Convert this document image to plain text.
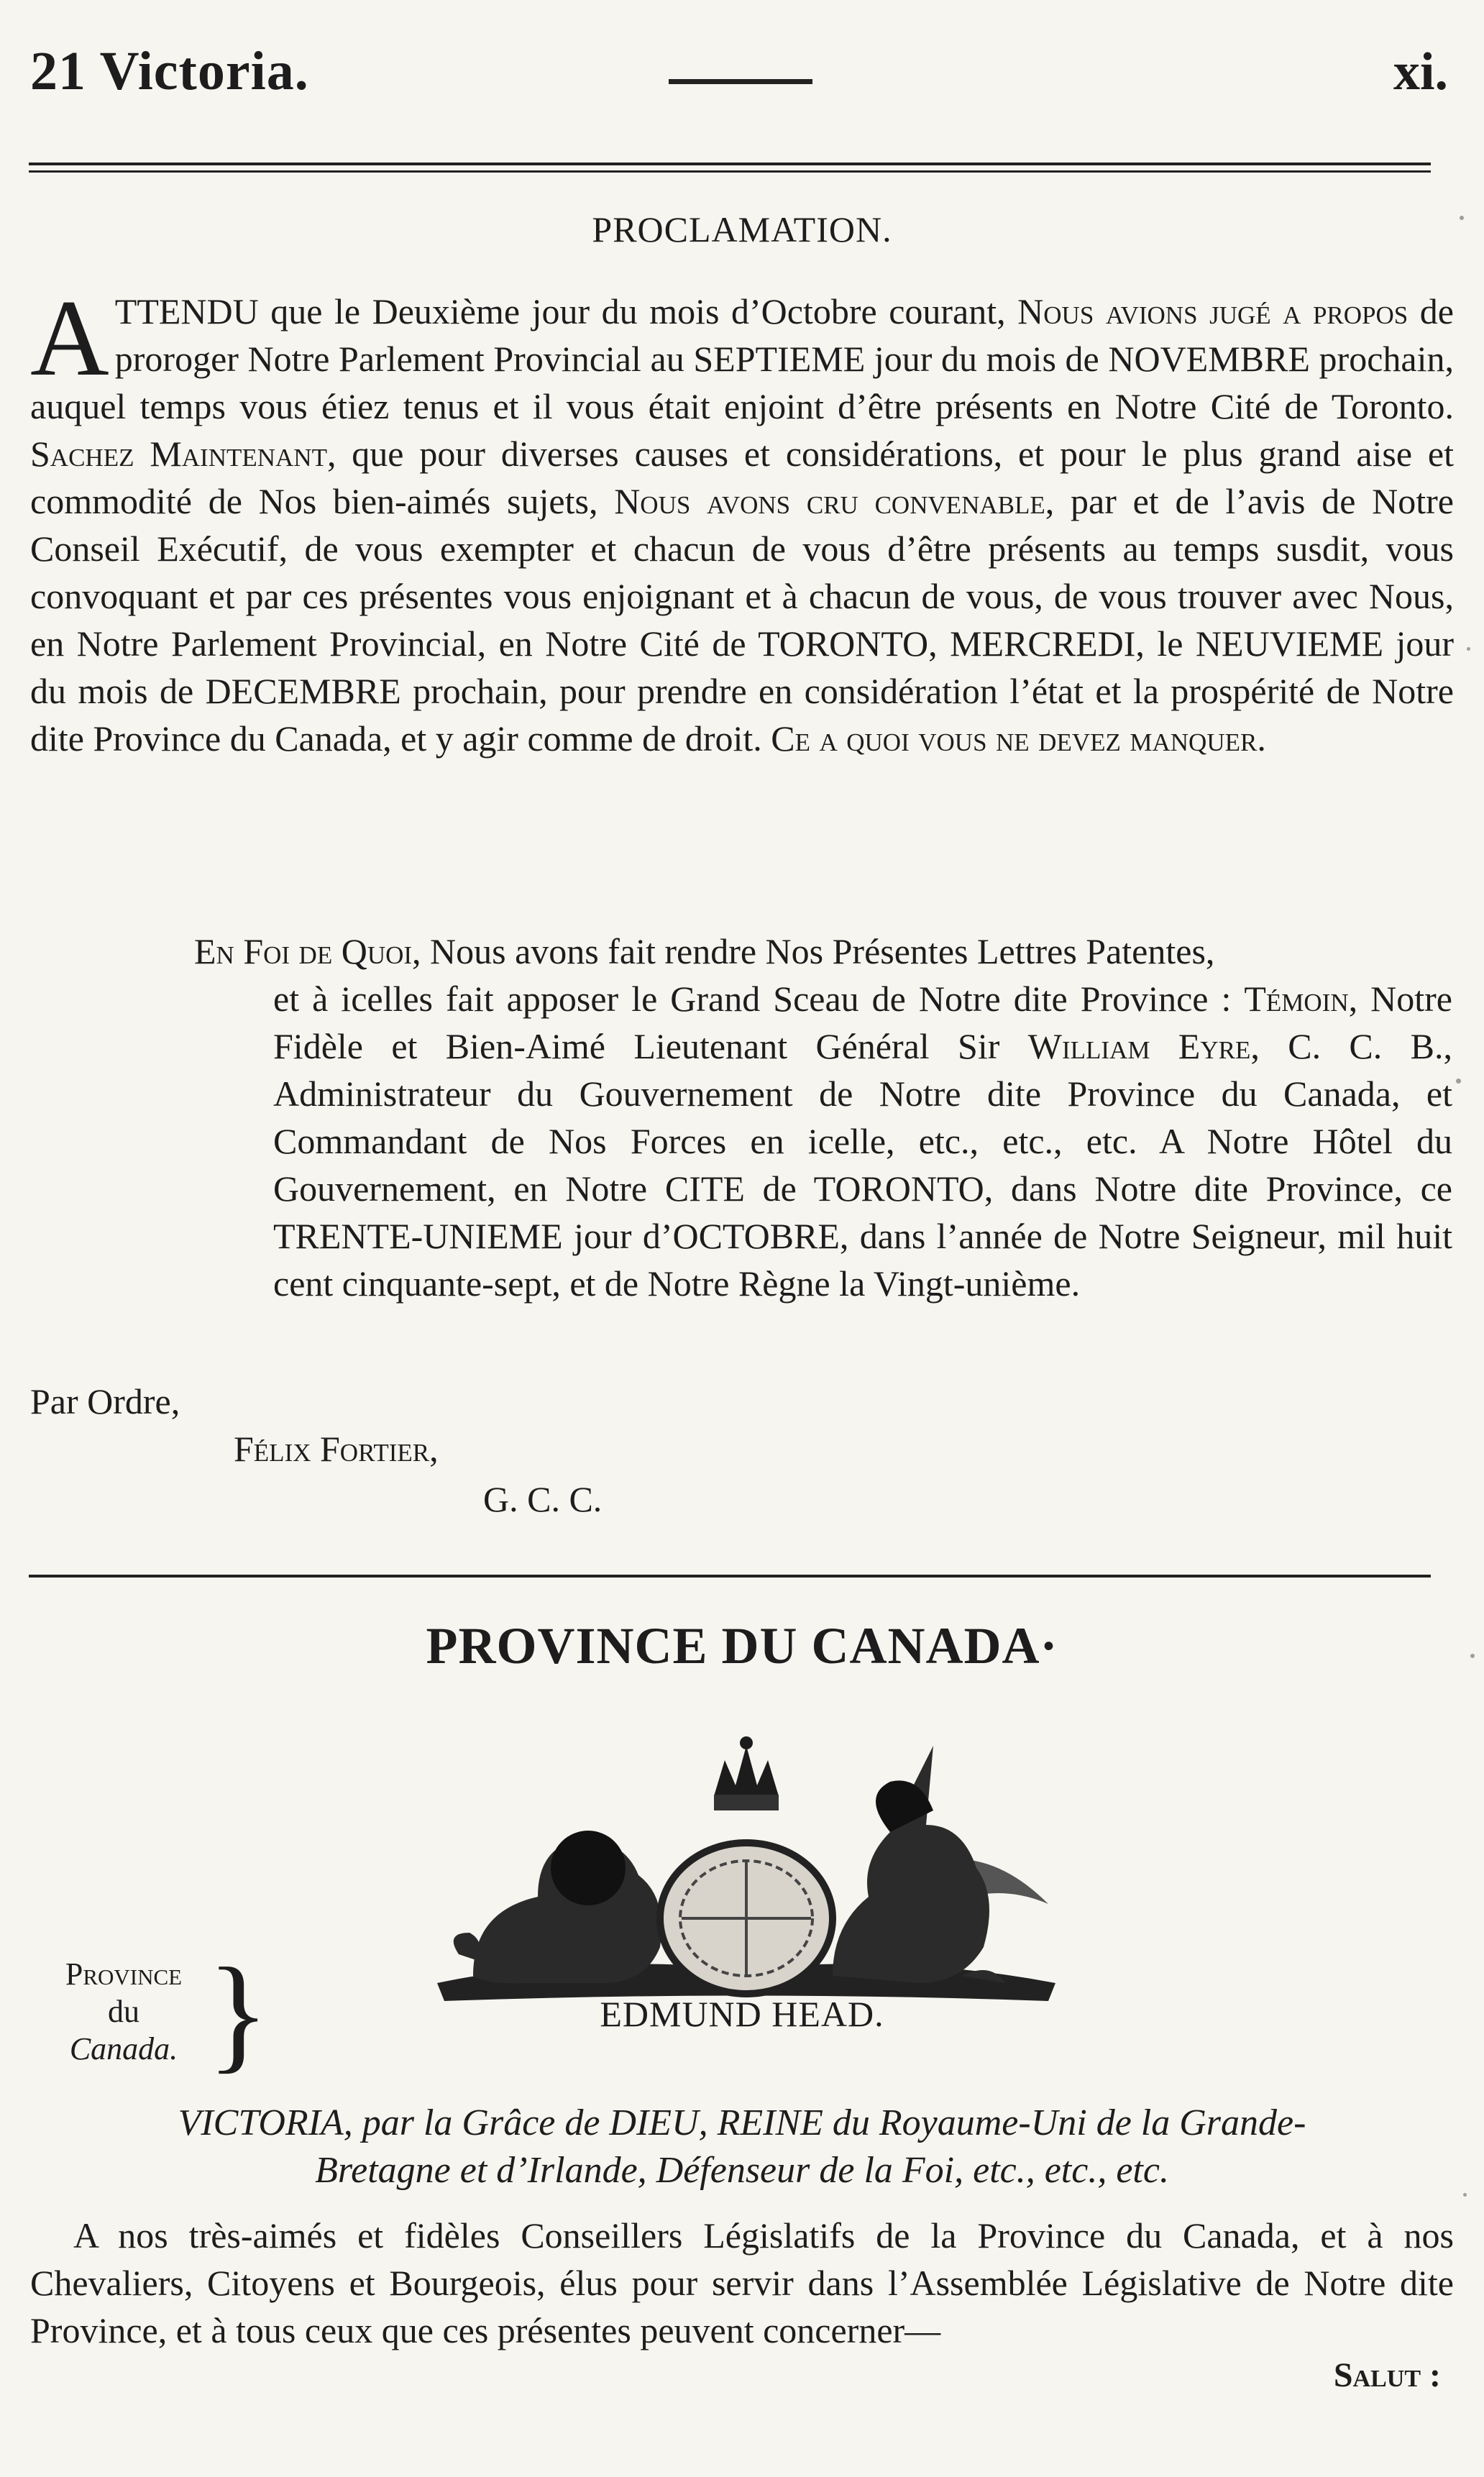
21 Victoria.	xi.
PROCLAMATION.
ATTENDU que le Deuxième jour du mois d’Octobre courant, Nous avions jugé a propos de proroger Notre Parlement Provincial au SEPTIEME jour du mois de NOVEMBRE prochain, auquel temps vous étiez tenus et il vous était enjoint d’être présents en Notre Cité de Toronto. Sachez Maintenant, que pour diverses causes et considérations, et pour le plus grand aise et commodité de Nos bien-aimés sujets, Nous avons cru convenable, par et de l’avis de Notre Conseil Exécutif, de vous exempter et chacun de vous d’être présents au temps susdit, vous convoquant et par ces présentes vous enjoignant et à chacun de vous, de vous trouver avec Nous, en Notre Parlement Provincial, en Notre Cité de TORONTO, MERCREDI, le NEUVIEME jour du mois de DECEMBRE prochain, pour prendre en considération l’état et la prospérité de Notre dite Province du Canada, et y agir comme de droit. Ce a quoi vous ne devez manquer.
En Foi de Quoi, Nous avons fait rendre Nos Présentes Lettres Patentes,
et à icelles fait apposer le Grand Sceau de Notre dite Province : Témoin, Notre Fidèle et Bien-Aimé Lieutenant Général Sir William Eyre, C. C. B., Administrateur du Gouvernement de Notre dite Province du Canada, et Commandant de Nos Forces en icelle, etc., etc., etc. A Notre Hôtel du Gouvernement, en Notre CITE de TORONTO, dans Notre dite Province, ce TRENTE-UNIEME jour d’OCTOBRE, dans l’année de Notre Seigneur, mil huit cent cinquante-sept, et de Notre Règne la Vingt-unième.
Par Ordre,
Félix Fortier,
G. C. C.
PROVINCE DU CANADA·
Province
du
Canada. }	EDMUND HEAD.
VICTORIA, par la Grâce de DIEU, REINE du Royaume-Uni de la Grande-
Bretagne et d’Irlande, Défenseur de la Foi, etc., etc., etc.
A nos très-aimés et fidèles Conseillers Législatifs de la Province du Canada, et à nos Chevaliers, Citoyens et Bourgeois, élus pour servir dans l’Assemblée Législative de Notre dite Province, et à tous ceux que ces présentes peuvent concerner—
Salut :
